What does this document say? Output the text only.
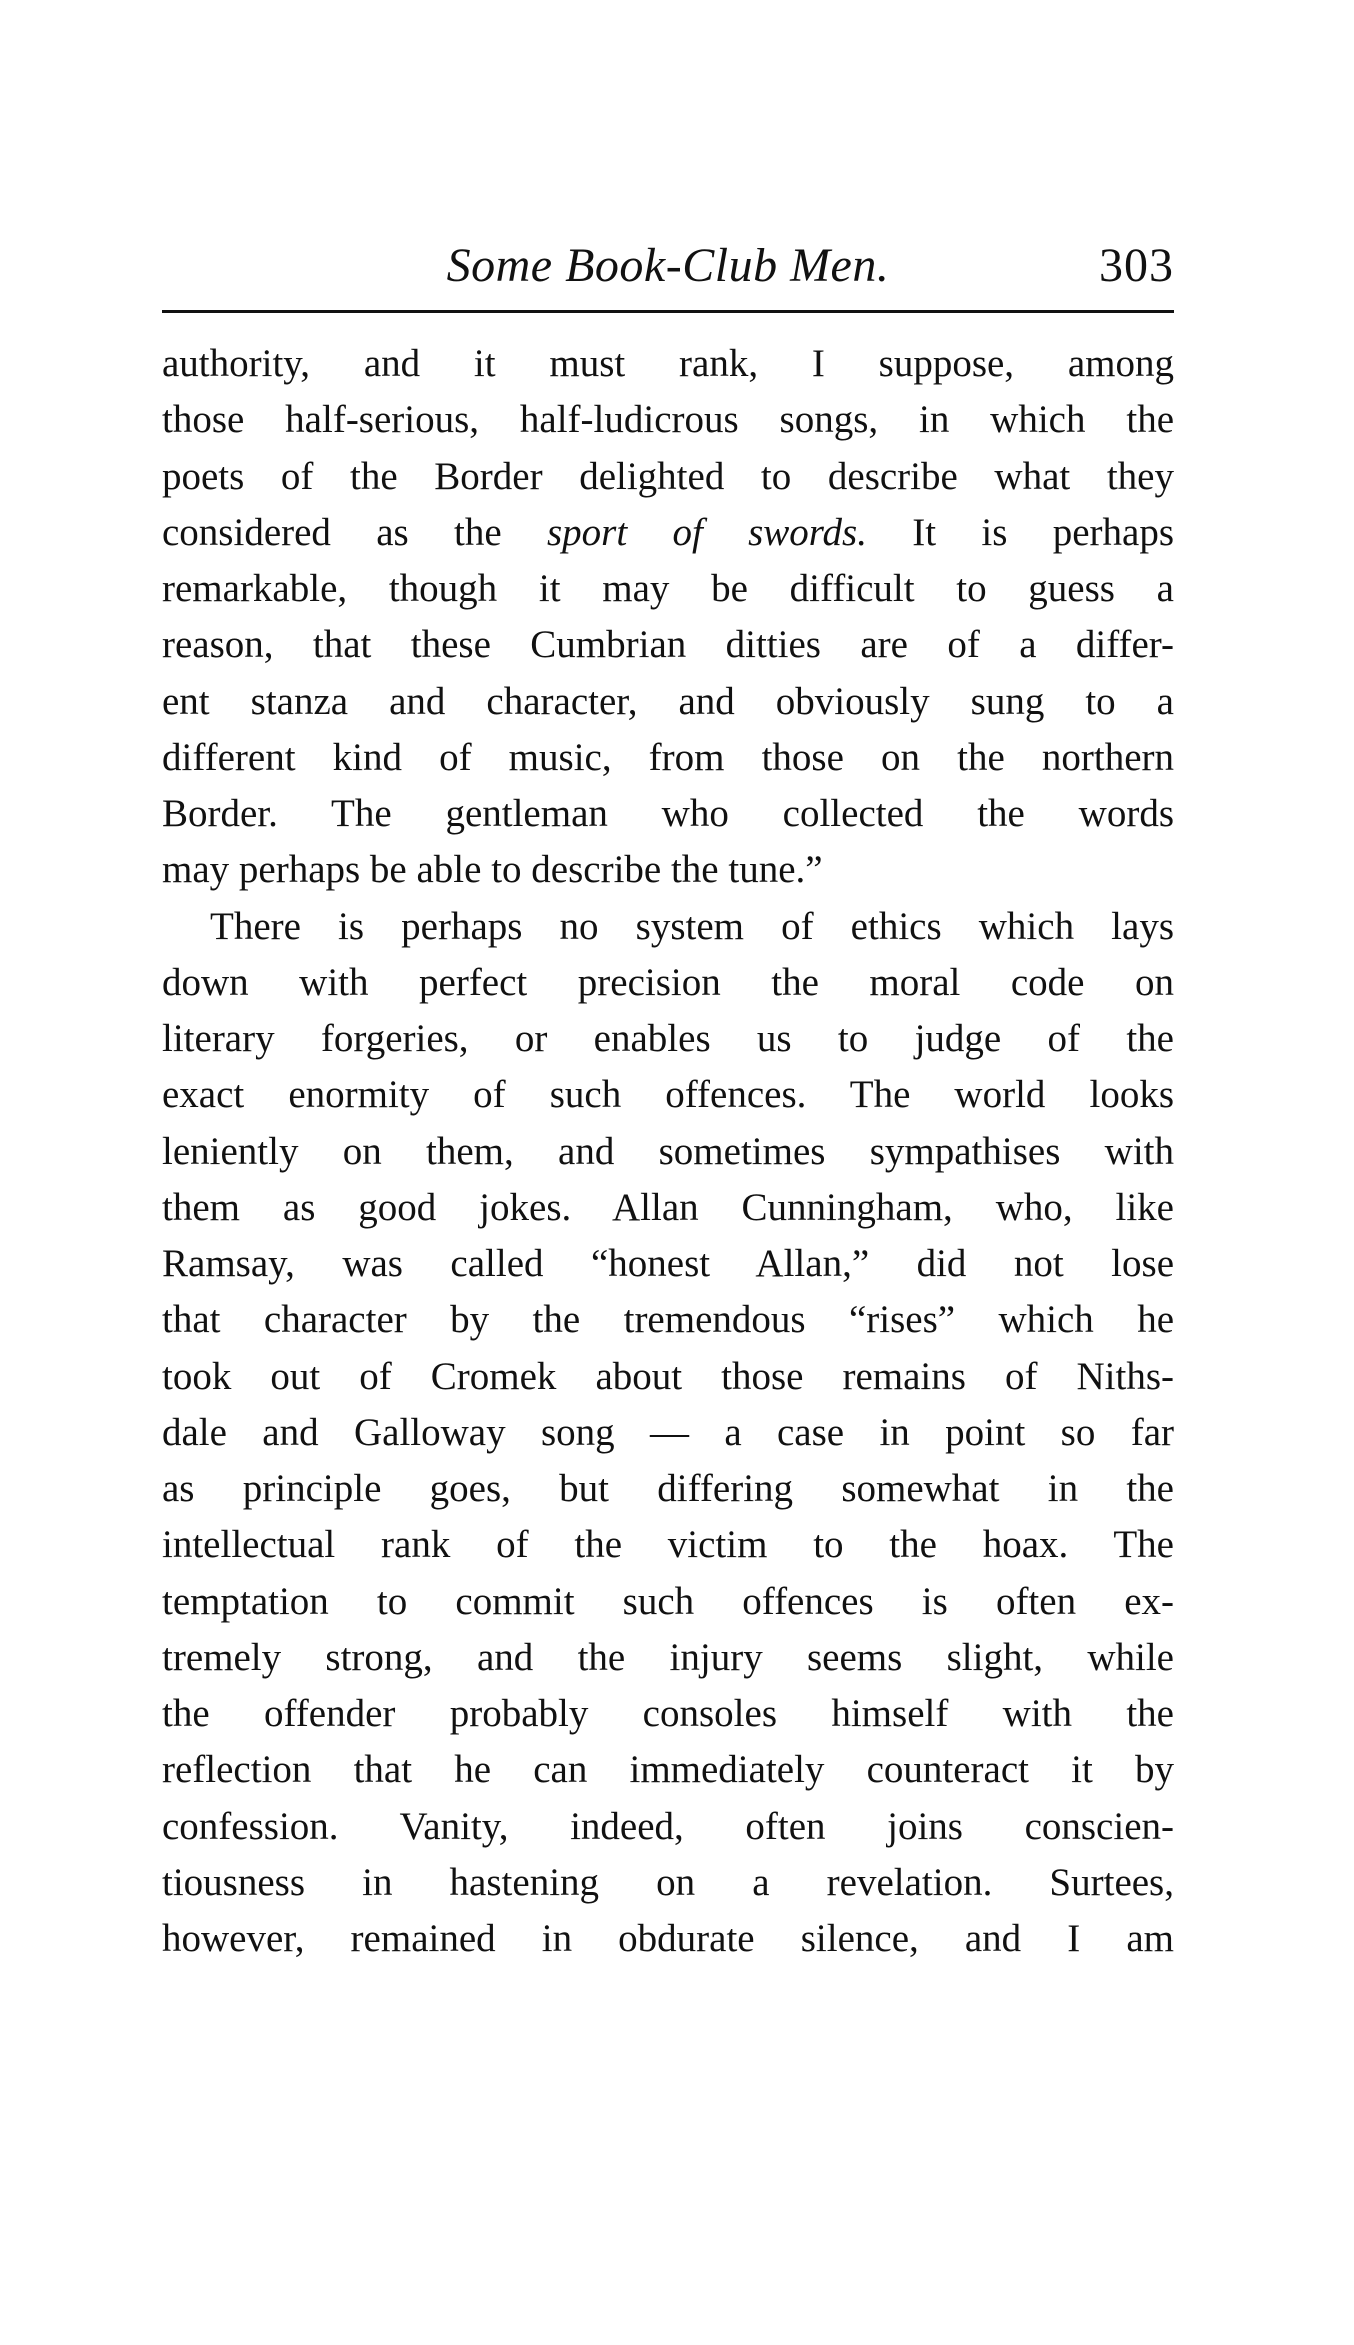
Some Book-Club Men.	303
authority, and it must rank, I suppose, among
those half-serious, half-ludicrous songs, in which the
poets of the Border delighted to describe what they
considered as the sport of swords. It is perhaps
remarkable, though it may be difficult to guess a
reason, that these Cumbrian ditties are of a differ-
ent stanza and character, and obviously sung to a
different kind of music, from those on the northern
Border. The gentleman who collected the words
may perhaps be able to describe the tune.”
There is perhaps no system of ethics which lays
down with perfect precision the moral code on
literary forgeries, or enables us to judge of the
exact enormity of such offences. The world looks
leniently on them, and sometimes sympathises with
them as good jokes. Allan Cunningham, who, like
Ramsay, was called “honest Allan,” did not lose
that character by the tremendous “rises” which he
took out of Cromek about those remains of Niths-
dale and Galloway song — a case in point so far
as principle goes, but differing somewhat in the
intellectual rank of the victim to the hoax. The
temptation to commit such offences is often ex-
tremely strong, and the injury seems slight, while
the offender probably consoles himself with the
reflection that he can immediately counteract it by
confession. Vanity, indeed, often joins conscien-
tiousness in hastening on a revelation. Surtees,
however, remained in obdurate silence, and I am
